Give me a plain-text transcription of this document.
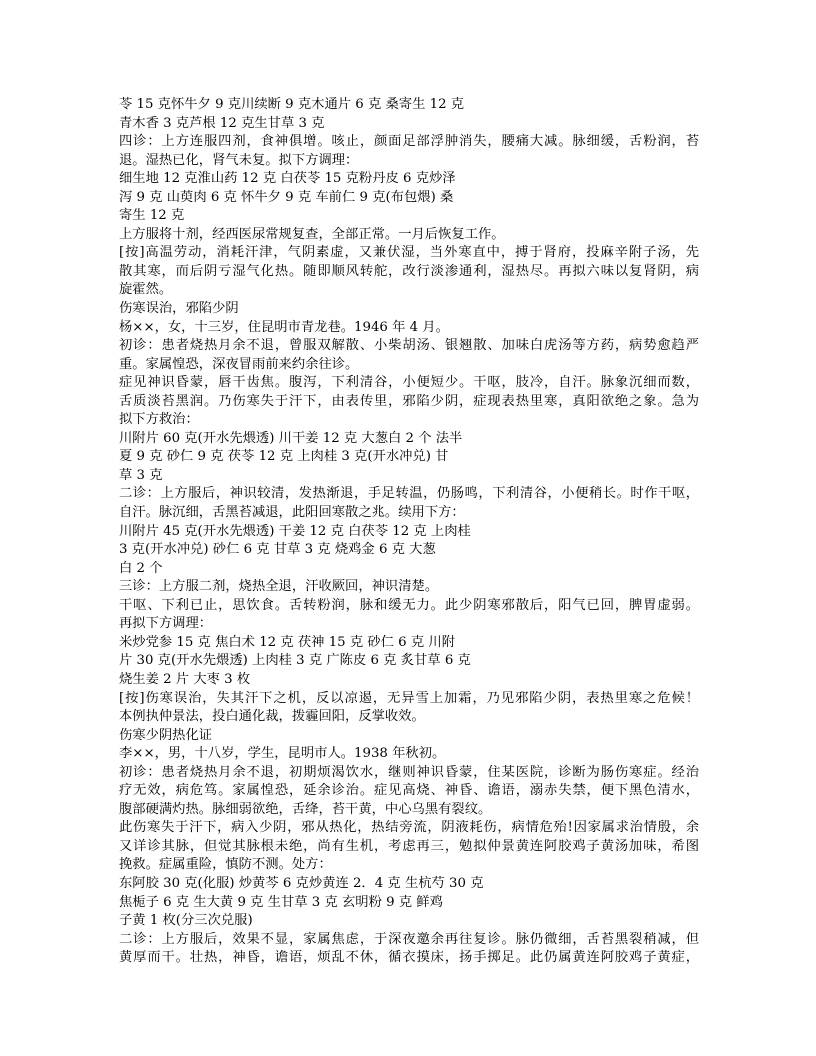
苓 15 克怀牛夕 9 克川续断 9 克木通片 6 克 桑寄生 12 克
青木香 3 克芦根 12 克生甘草 3 克
四诊：上方连服四剂，食神俱增。咳止，颜面足部浮肿消失，腰痛大减。脉细缓，舌粉润，苔
退。湿热已化，肾气未复。拟下方调理：
细生地 12 克淮山药 12 克 白茯苓 15 克粉丹皮 6 克炒泽
泻 9 克 山萸肉 6 克 怀牛夕 9 克 车前仁 9 克(布包煨) 桑
寄生 12 克
上方服将十剂，经西医尿常规复查，全部正常。一月后恢复工作。
[按]高温劳动，消耗汗津，气阴素虚，又兼伏湿，当外寒直中，搏于肾府，投麻辛附子汤，先
散其寒，而后阴亏湿气化热。随即顺风转舵，改行淡渗通利，湿热尽。再拟六味以复肾阴，病
旋霍然。
伤寒误治，邪陷少阴
杨××，女，十三岁，住昆明市青龙巷。1946 年 4 月。
初诊：患者烧热月余不退，曾服双解散、小柴胡汤、银翘散、加味白虎汤等方药，病势愈趋严
重。家属惶恐，深夜冒雨前来约余往诊。
症见神识昏蒙，唇干齿焦。腹泻，下利清谷，小便短少。干呕，肢冷，自汗。脉象沉细而数，
舌质淡苔黑润。乃伤寒失于汗下，由表传里，邪陷少阴，症现表热里寒，真阳欲绝之象。急为
拟下方救治：
川附片 60 克(开水先煨透) 川干姜 12 克 大葱白 2 个 法半
夏 9 克 砂仁 9 克 茯苓 12 克 上肉桂 3 克(开水冲兑) 甘
草 3 克
二诊：上方服后，神识较清，发热渐退，手足转温，仍肠鸣，下利清谷，小便稍长。时作干呕，
自汗。脉沉细，舌黑苔减退，此阳回寒散之兆。续用下方：
川附片 45 克(开水先煨透) 干姜 12 克 白茯苓 12 克 上肉桂
3 克(开水冲兑) 砂仁 6 克 甘草 3 克 烧鸡金 6 克 大葱
白 2 个
三诊：上方服二剂，烧热全退，汗收厥回，神识清楚。
干呕、下利已止，思饮食。舌转粉润，脉和缓无力。此少阴寒邪散后，阳气已回，脾胃虚弱。
再拟下方调理：
米炒党参 15 克 焦白术 12 克 茯神 15 克 砂仁 6 克 川附
片 30 克(开水先煨透) 上肉桂 3 克 广陈皮 6 克 炙甘草 6 克
烧生姜 2 片 大枣 3 枚
[按]伤寒误治，失其汗下之机，反以凉遏，无异雪上加霜，乃见邪陷少阴，表热里寒之危候！
本例执仲景法，投白通化裁，拨霾回阳，反掌收效。
伤寒少阴热化证
李××，男，十八岁，学生，昆明市人。1938 年秋初。
初诊：患者烧热月余不退，初期烦渴饮水，继则神识昏蒙，住某医院，诊断为肠伤寒症。经治
疗无效，病危笃。家属惶恐，延余诊治。症见高烧、神昏、谵语，溺赤失禁，便下黑色清水，
腹部硬满灼热。脉细弱欲绝，舌绛，苔干黄，中心乌黑有裂纹。
此伤寒失于汗下，病入少阴，邪从热化，热结旁流，阴液耗伤，病情危殆!因家属求治情殷，余
又详诊其脉，但觉其脉根未绝，尚有生机，考虑再三，勉拟仲景黄连阿胶鸡子黄汤加味，希图
挽救。症属重险，慎防不测。处方：
东阿胶 30 克(化服) 炒黄芩 6 克炒黄连 2．4 克 生杭芍 30 克
焦栀子 6 克 生大黄 9 克 生甘草 3 克 玄明粉 9 克 鲜鸡
子黄 1 枚(分三次兑服)
二诊：上方服后，效果不显，家属焦虑，于深夜邀余再往复诊。脉仍微细，舌苔黑裂稍减，但
黄厚而干。壮热，神昏，谵语，烦乱不休，循衣摸床，扬手掷足。此仍属黄连阿胶鸡子黄症，
